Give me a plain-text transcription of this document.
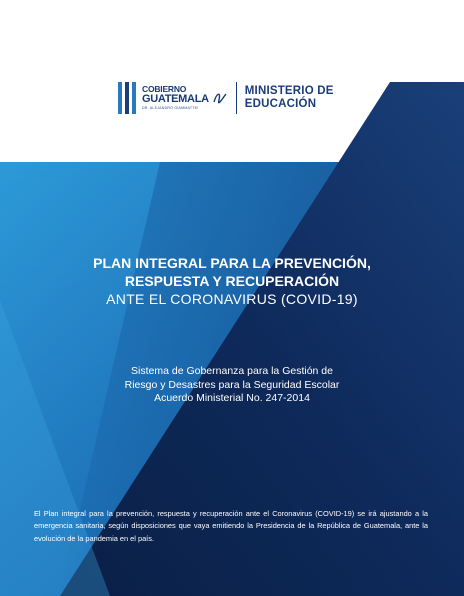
COBIERNO
GUATEMALA
DR. ALEJANDRO GIAMMATTEI
MINISTERIO DE
EDUCACIÓN
PLAN INTEGRAL PARA LA PREVENCIÓN,
RESPUESTA Y RECUPERACIÓN
ANTE EL CORONAVIRUS (COVID-19)
Sistema de Gobernanza para la Gestión de
Riesgo y Desastres para la Seguridad Escolar
Acuerdo Ministerial No. 247-2014
El Plan integral para la prevención, respuesta y recuperación ante el Coronavirus (COVID-19) se irá ajustando a la emergencia sanitaria, según disposiciones que vaya emitiendo la Presidencia de la República de Guatemala, ante la evolución de la pandemia en el país.
